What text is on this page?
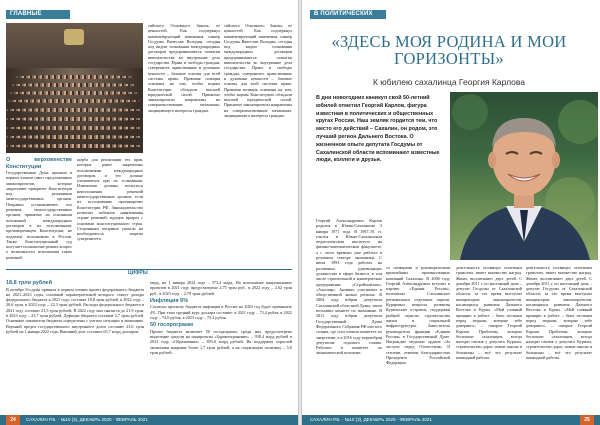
ГЛАВНЫЕ

О верховенстве Конституции

Государственная Дума приняла в первом чтении пакет предложенных законопроектов, которые закрепляют приоритет Конституции над решениями межгосударственных органов. Поправки устанавливают, что решения межгосударственных органов, принятые на основании положений международных договоров в их истолковании, противоречащем Конституции, не подлежат исполнению в России. Также Конституционный суд получает полномочие решать вопрос о возможности исполнения таких решений.

щерба для реализации тех прав, которые ранее закреплены положениями международных договоров, и это должно учитываться при их толковании. Изменения должны коснуться неисполнения решений межгосударственных органов, если их истолкование противоречит Конституции РФ. Законодательство позволит избежать навязывания стране решений, идущих вразрез с основами конституционного строя. Сторонники поправок указали на необходимость защиты суверенитета.

сийского Основного Закона, ее ценностей. Как подчеркнул комментирующий изменения спикер Госдумы Вячеслав Володин, сегодня под видом толкования международных договоров предпринимаются попытки вмешательства во внутренние дела государства. Права и свободы граждан, суверенитет, нравственные и духовные ценности – базовые основы для всей системы права. Правовая позиция основана на том, чтобы нормы Конституции обладали высшей юридической силой. Принятые законопроекты направлены на совершенствование механизма, защищающего интересы граждан.

сийского Основного Закона, ее ценностей. Как подчеркнул комментирующий изменения спикер Госдумы Вячеслав Володин, сегодня под видом толкования международных договоров предпринимаются попытки вмешательства во внутренние дела государства. Права и свободы граждан, суверенитет, нравственные и духовные ценности – базовые основы для всей системы права. Правовая позиция основана на том, чтобы нормы Конституции обладали высшей юридической силой. Принятые законопроекты направлены на совершенствование механизма, защищающего интересы граждан.

ЦИФРЫ

18,8 трлн рублей

В октябре Госдума приняла в первом чтении проект федерального бюджета на 2021–2023 годы, основной характеристикой которого станут доходы федерального бюджета в 2021 году, составят 18,8 трлн рублей, в 2022 году – 20,6 трлн, в 2023 году – 22,3 трлн рублей. Расходы федерального бюджета в 2021 году составят 21,5 трлн рублей. В 2022 году они снизятся до 21,9 трлн, в 2023 году – 23,7 трлн рублей. Дефицит бюджета составит 2,7 трлн рублей. Основные показатели бюджета определены с учетом ситуации в экономике. Верхний предел государственного внутреннего долга составит 23,6 трлн рублей на 1 января 2022 года. Внешний долг составит 65,7 млрд долларов.

мерд, на 1 января 2024 года – 373,4 млрд. На исполнение национальных проектов в 2021 году предусмотрено 2,75 трлн руб., в 2022 году – 2,62 трлн руб., в 2023 году – 2,79 трлн рублей.

Инфляция 6%

Согласно прогнозу бюджета инфляция в России на 2020 год будет превышать 4%. При этом средний курс доллара составит: в 2021 году – 73,4 рубля, в 2022 году – 74,0 рубля, в 2023 году – 75,2 рубля.

50 госпрограмм

Проект бюджета включает 50 госпрограмм, среди них предусмотрено выделение средств на нацпроекты «Здравоохранение» – 938,4 млрд рублей в 2021 году, «Образование» – 855,6 млрд рублей. На поддержку отраслей экономики направят более 1,7 трлн рублей, а на социальную политику – 5,0 трлн рублей.

24	САХАЛИН Р.Б. · №10 (3), ДЕКАБРЬ 2020 · ФЕВРАЛЬ 2021
В ПОЛИТИЧЕСКИХ КРУГАХ
«ЗДЕСЬ МОЯ РОДИНА И МОИ ГОРИЗОНТЫ»
К юбилею сахалинца Георгия Карлова
В дни новогодних каникул свой 50-летний юбилей отметил Георгий Карлов, фигура известная в политических и общественных кругах России. Наш земляк гордится тем, что место его действий – Сахалин, он родом, это лучший регион Дальнего Востока. О жизненном опыте депутата Госдумы от Сахалинской области вспоминают известные люди, коллеги и друзья.

Георгий Александрович Карлов родился в Южно-Сахалинске 3 января 1971 года. В 1987–91 гг. учился в Южно-Сахалинском педагогическом институте на физико-математическом факультете, а с этого времени уже работал в реальном секторе экономики. С июля 1993 года работал на различных руководящих должностях в сфере бизнеса, в том числе строительной и коммерческих предприятиях «Строймонтаж», «Альтаир». Активно участвовал в общественной жизни региона. В 2004 году избран депутатом Сахалинской областной Думы, затем возглавил комитет по экономике. В 2011 году избран депутатом Государственной Думы Федерального Собрания РФ шестого созыва, где стал членом комитета по энергетике, а в 2016 году переизбран депутатом седьмого созыва. Работает в комитете по экономической политике.

со спикерами и руководителями крупнейших промышленных компаний Сахалина. В 2006 году Георгий Александрович вступил в партию «Единая Россия», возглавлял Сахалинское региональное отделение партии. Курировал вопросы развития Курильских островов, поддержки рыбной отрасли, строительства жилья и социальной инфраструктуры. Заместитель руководителя фракции «Единая Россия» в Государственной Думе. Награжден медалью ордена «За заслуги перед Отечеством» II степени, отмечен благодарностью Президента Российской Федерации.

деятельность посвящал почетным грамотам, имеет множество наград. Женат, воспитывает двух детей. С декабря 2011 г. по настоящий день – депутат Госдумы от Сахалинской области, за это время выступил инициатором законопроектов, касающихся развития Дальнего Востока и Курил. «Мой главный принцип в работе – быть честным перед людьми, которые тебе доверяют», – говорит Георгий Карлов. Проблемы, которые беспокоят сахалинцев, всегда находят отклик у депутата. Курилы, строительство дорог, новые школы и больницы – всё это результат командной работы.

деятельность посвящал почетным грамотам, имеет множество наград. Женат, воспитывает двух детей. С декабря 2011 г. по настоящий день – депутат Госдумы от Сахалинской области, за это время выступил инициатором законопроектов, касающихся развития Дальнего Востока и Курил. «Мой главный принцип в работе – быть честным перед людьми, которые тебе доверяют», – говорит Георгий Карлов. Проблемы, которые беспокоят сахалинцев, всегда находят отклик у депутата. Курилы, строительство дорог, новые школы и больницы – всё это результат командной работы.

САХАЛИН Р.Б. · №10 (3), ДЕКАБРЬ 2020 · ФЕВРАЛЬ 2021	25
